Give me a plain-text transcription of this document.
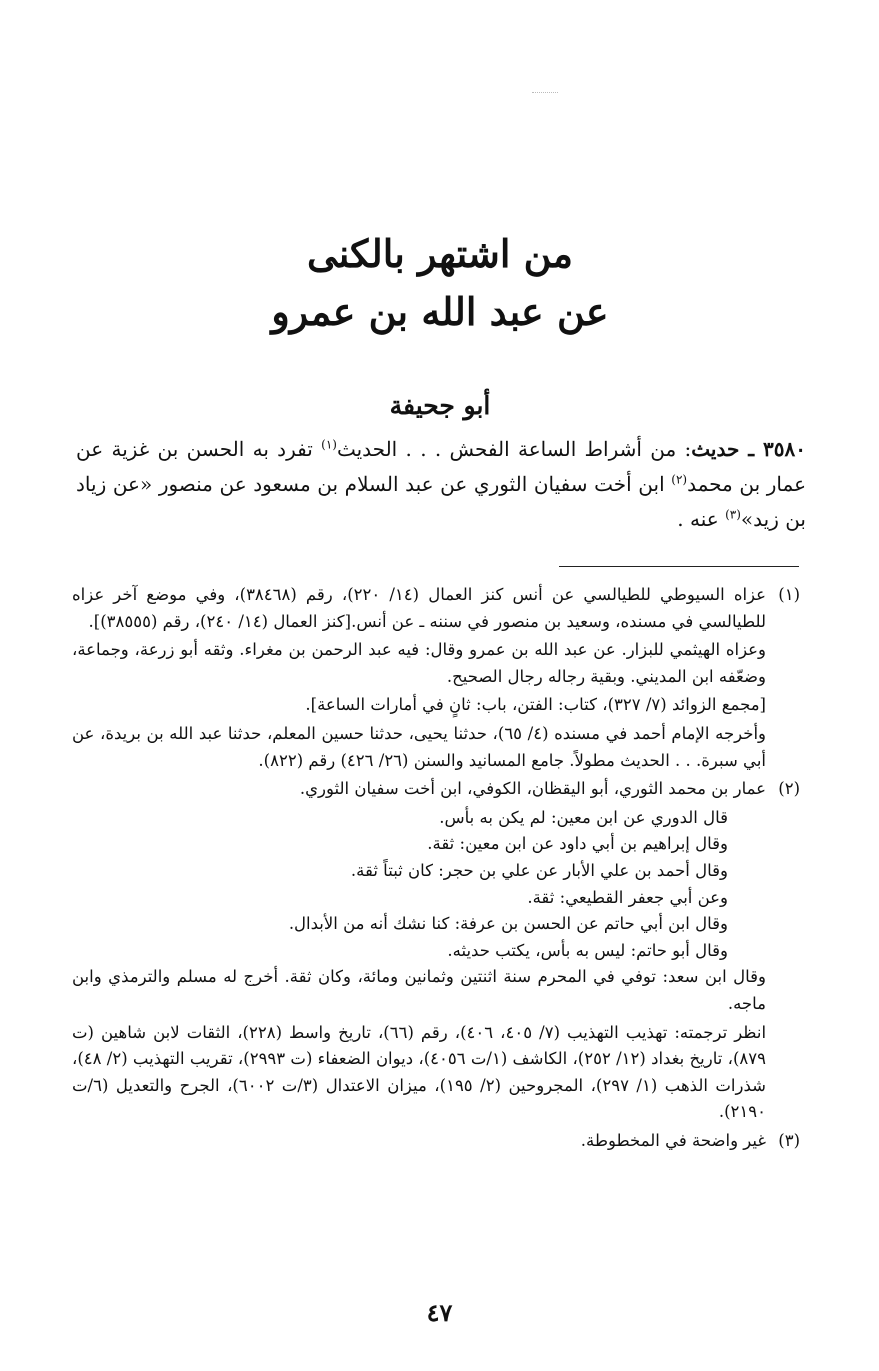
من اشتهر بالكنى
عن عبد الله بن عمرو
أبو جحيفة
٣٥٨٠ ـ حديث: من أشراط الساعة الفحش . . . الحديث$^{(١)}$ تفرد به الحسن بن غزية عن عمار بن محمد$^{(٢)}$ ابن أخت سفيان الثوري عن عبد السلام بن مسعود عن منصور «عن زياد بن زيد»$^{(٣)}$ عنه .
(١)

عزاه السيوطي للطيالسي عن أنس كنز العمال (١٤/ ٢٢٠)، رقم (٣٨٤٦٨)، وفي موضع آخر عزاه للطيالسي في مسنده، وسعيد بن منصور في سننه ـ عن أنس.[كنز العمال (١٤/ ٢٤٠)، رقم (٣٨٥٥٥)].

وعزاه الهيثمي للبزار. عن عبد الله بن عمرو وقال: فيه عبد الرحمن بن مغراء. وثقه أبو زرعة، وجماعة، وضعّفه ابن المديني. وبقية رجاله رجال الصحيح.

[مجمع الزوائد (٧/ ٣٢٧)، كتاب: الفتن، باب: ثانٍ في أمارات الساعة].

وأخرجه الإمام أحمد في مسنده (٤/ ٦٥)، حدثنا يحيى، حدثنا حسين المعلم، حدثنا عبد الله بن بريدة، عن أبي سبرة. . . الحديث مطولاً. جامع المسانيد والسنن (٢٦/ ٤٢٦) رقم (٨٢٢).

(٢)

عمار بن محمد الثوري، أبو اليقظان، الكوفي، ابن أخت سفيان الثوري.

قال الدوري عن ابن معين: لم يكن به بأس.

وقال إبراهيم بن أبي داود عن ابن معين: ثقة.

وقال أحمد بن علي الأبار عن علي بن حجر: كان ثبتاً ثقة.

وعن أبي جعفر القطيعي: ثقة.

وقال ابن أبي حاتم عن الحسن بن عرفة: كنا نشك أنه من الأبدال.

وقال أبو حاتم: ليس به بأس، يكتب حديثه.

وقال ابن سعد: توفي في المحرم سنة اثنتين وثمانين ومائة، وكان ثقة. أخرج له مسلم والترمذي وابن ماجه.

انظر ترجمته: تهذيب التهذيب (٧/ ٤٠٥، ٤٠٦)، رقم (٦٦)، تاريخ واسط (٢٢٨)، الثقات لابن شاهين (ت ٨٧٩)، تاريخ بغداد (١٢/ ٢٥٢)، الكاشف (١/ت ٤٠٥٦)، ديوان الضعفاء (ت ٢٩٩٣)، تقريب التهذيب (٢/ ٤٨)، شذرات الذهب (١/ ٢٩٧)، المجروحين (٢/ ١٩٥)، ميزان الاعتدال (٣/ت ٦٠٠٢)، الجرح والتعديل (٦/ت ٢١٩٠).

(٣)

غير واضحة في المخطوطة.

٤٧
